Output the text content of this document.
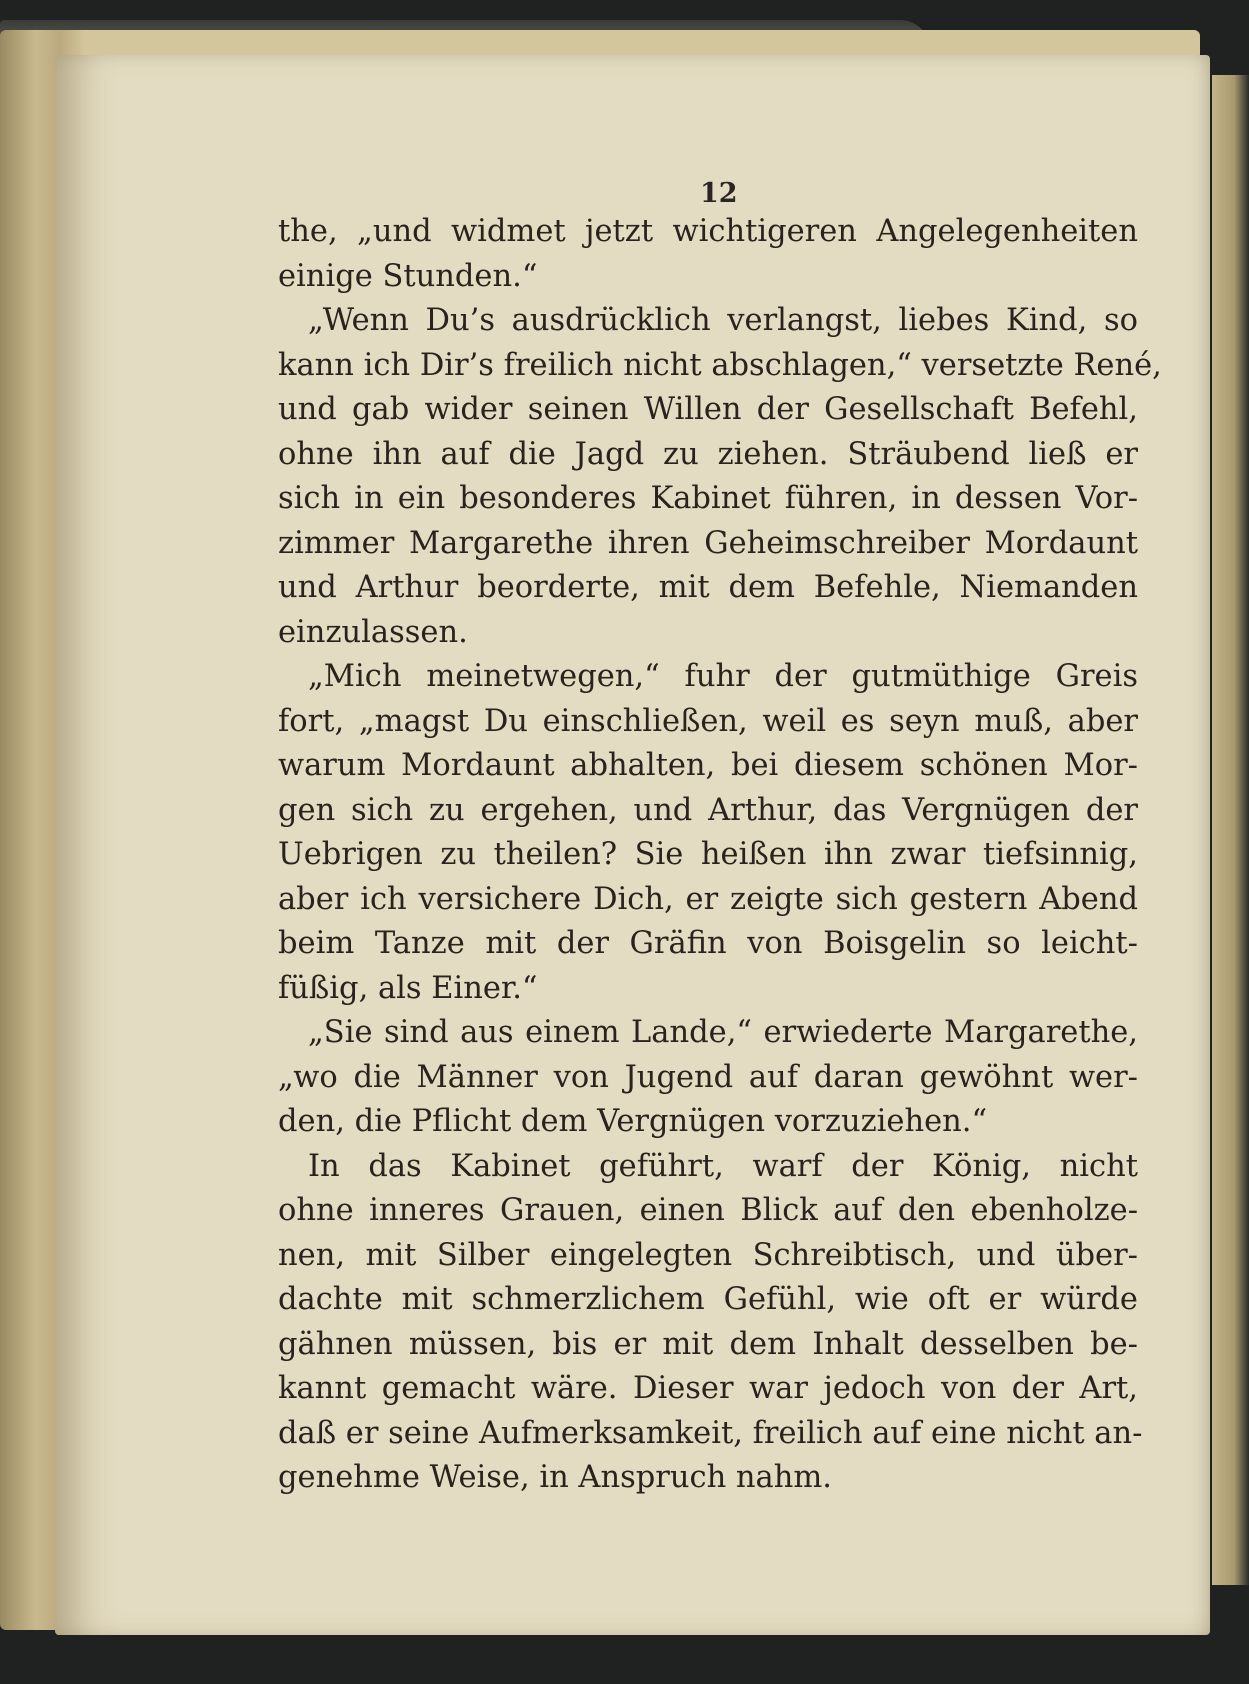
12
the, „und widmet jetzt wichtigeren Angelegenheiten
einige Stunden.“
„Wenn Du’s ausdrücklich verlangst, liebes Kind, so
kann ich Dir’s freilich nicht abschlagen,“ versetzte René,
und gab wider seinen Willen der Gesellschaft Befehl,
ohne ihn auf die Jagd zu ziehen. Sträubend ließ er
sich in ein besonderes Kabinet führen, in dessen Vor-
zimmer Margarethe ihren Geheimschreiber Mordaunt
und Arthur beorderte, mit dem Befehle, Niemanden
einzulassen.
„Mich meinetwegen,“ fuhr der gutmüthige Greis
fort, „magst Du einschließen, weil es seyn muß, aber
warum Mordaunt abhalten, bei diesem schönen Mor-
gen sich zu ergehen, und Arthur, das Vergnügen der
Uebrigen zu theilen? Sie heißen ihn zwar tiefsinnig,
aber ich versichere Dich, er zeigte sich gestern Abend
beim Tanze mit der Gräfin von Boisgelin so leicht-
füßig, als Einer.“
„Sie sind aus einem Lande,“ erwiederte Margarethe,
„wo die Männer von Jugend auf daran gewöhnt wer-
den, die Pflicht dem Vergnügen vorzuziehen.“
In das Kabinet geführt, warf der König, nicht
ohne inneres Grauen, einen Blick auf den ebenholze-
nen, mit Silber eingelegten Schreibtisch, und über-
dachte mit schmerzlichem Gefühl, wie oft er würde
gähnen müssen, bis er mit dem Inhalt desselben be-
kannt gemacht wäre. Dieser war jedoch von der Art,
daß er seine Aufmerksamkeit, freilich auf eine nicht an-
genehme Weise, in Anspruch nahm.
